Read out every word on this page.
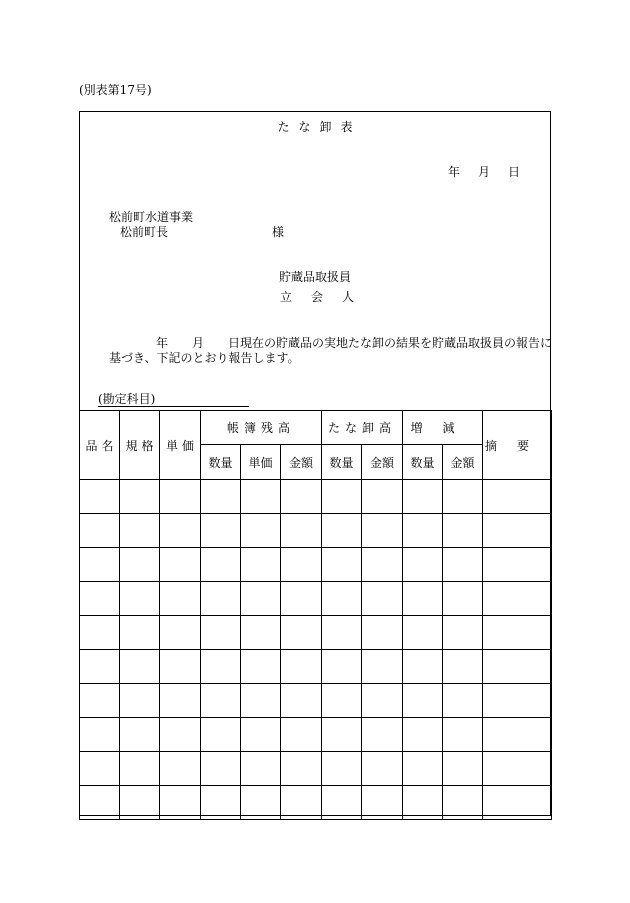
(別表第17号)
たな卸表
年 月 日
松前町水道事業
松前町長	様
貯蔵品取扱員
立 会 人
年 月 日現在の貯蔵品の実地たな卸の結果を貯蔵品取扱員の報告に
基づき、下記のとおり報告します。
(勘定科目)
品名	規格	単価	帳簿残高			たな卸高		増減		摘要
			数量	単価	金額	数量	金額	数量	金額	
